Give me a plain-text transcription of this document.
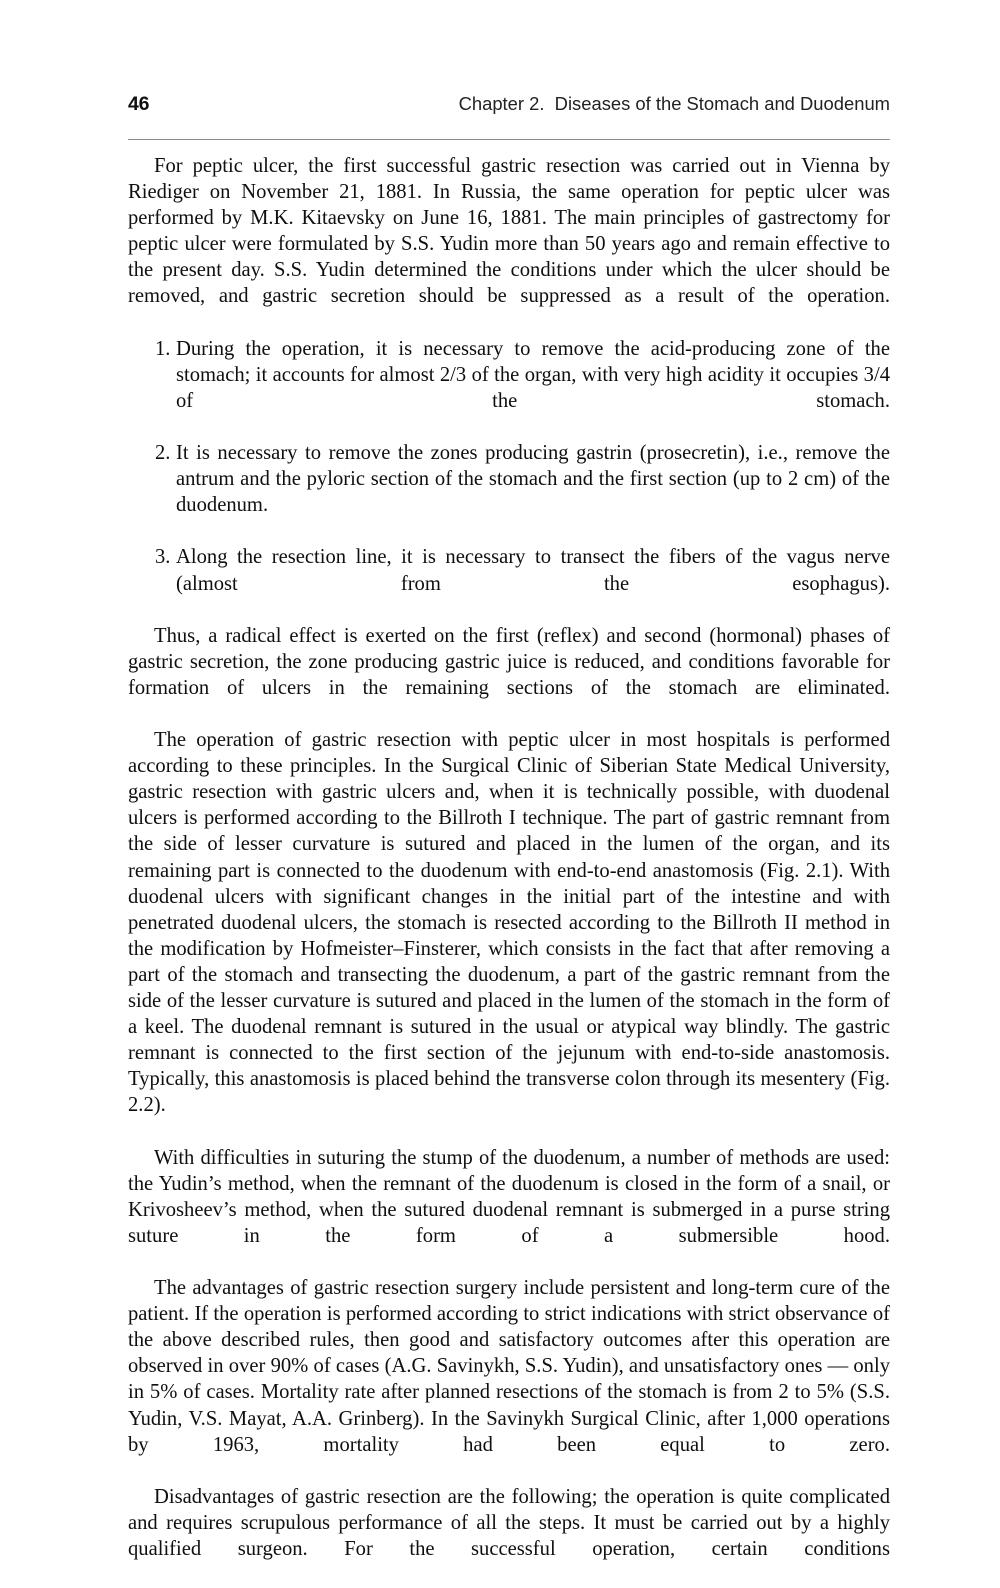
46	Chapter 2.  Diseases of the Stomach and Duodenum

For peptic ulcer, the first successful gastric resection was carried out in Vienna by Riediger on November 21, 1881. In Russia, the same operation for peptic ulcer was performed by M.K. Kitaevsky on June 16, 1881. The main principles of gastrectomy for peptic ulcer were formulated by S.S. Yudin more than 50 years ago and remain effective to the present day. S.S. Yudin determined the conditions under which the ulcer should be removed, and gastric secretion should be suppressed as a result of the operation.

1. During the operation, it is necessary to remove the acid-producing zone of the stomach; it accounts for almost 2/3 of the organ, with very high acidity it occupies 3/4 of the stomach.
2. It is necessary to remove the zones producing gastrin (prosecretin), i.e., remove the antrum and the pyloric section of the stomach and the first section (up to 2 cm) of the duodenum.
3. Along the resection line, it is necessary to transect the fibers of the vagus nerve (almost from the esophagus).

Thus, a radical effect is exerted on the first (reflex) and second (hormonal) phases of gastric secretion, the zone producing gastric juice is reduced, and conditions favorable for formation of ulcers in the remaining sections of the stomach are eliminated.

The operation of gastric resection with peptic ulcer in most hospitals is performed according to these principles. In the Surgical Clinic of Siberian State Medical University, gastric resection with gastric ulcers and, when it is technically possible, with duodenal ulcers is performed according to the Billroth I technique. The part of gastric remnant from the side of lesser curvature is sutured and placed in the lumen of the organ, and its remaining part is connected to the duodenum with end-to-end anastomosis (Fig. 2.1). With duodenal ulcers with significant changes in the initial part of the intestine and with penetrated duodenal ulcers, the stomach is resected according to the Billroth II method in the modification by Hofmeister–Finsterer, which consists in the fact that after removing a part of the stomach and transecting the duodenum, a part of the gastric remnant from the side of the lesser curvature is sutured and placed in the lumen of the stomach in the form of a keel. The duodenal remnant is sutured in the usual or atypical way blindly. The gastric remnant is connected to the first section of the jejunum with end-to-side anastomosis. Typically, this anastomosis is placed behind the transverse colon through its mesentery (Fig. 2.2).

With difficulties in suturing the stump of the duodenum, a number of methods are used: the Yudin’s method, when the remnant of the duodenum is closed in the form of a snail, or Krivosheev’s method, when the sutured duodenal remnant is submerged in a purse string suture in the form of a submersible hood.

The advantages of gastric resection surgery include persistent and long-term cure of the patient. If the operation is performed according to strict indications with strict observance of the above described rules, then good and satisfactory outcomes after this operation are observed in over 90% of cases (A.G. Savinykh, S.S. Yudin), and unsatisfactory ones — only in 5% of cases. Mortality rate after planned resections of the stomach is from 2 to 5% (S.S. Yudin, V.S. Mayat, A.A. Grinberg). In the Savinykh Surgical Clinic, after 1,000 operations by 1963, mortality had been equal to zero.

Disadvantages of gastric resection are the following; the operation is quite complicated and requires scrupulous performance of all the steps. It must be carried out by a highly qualified surgeon. For the successful operation, certain conditions
